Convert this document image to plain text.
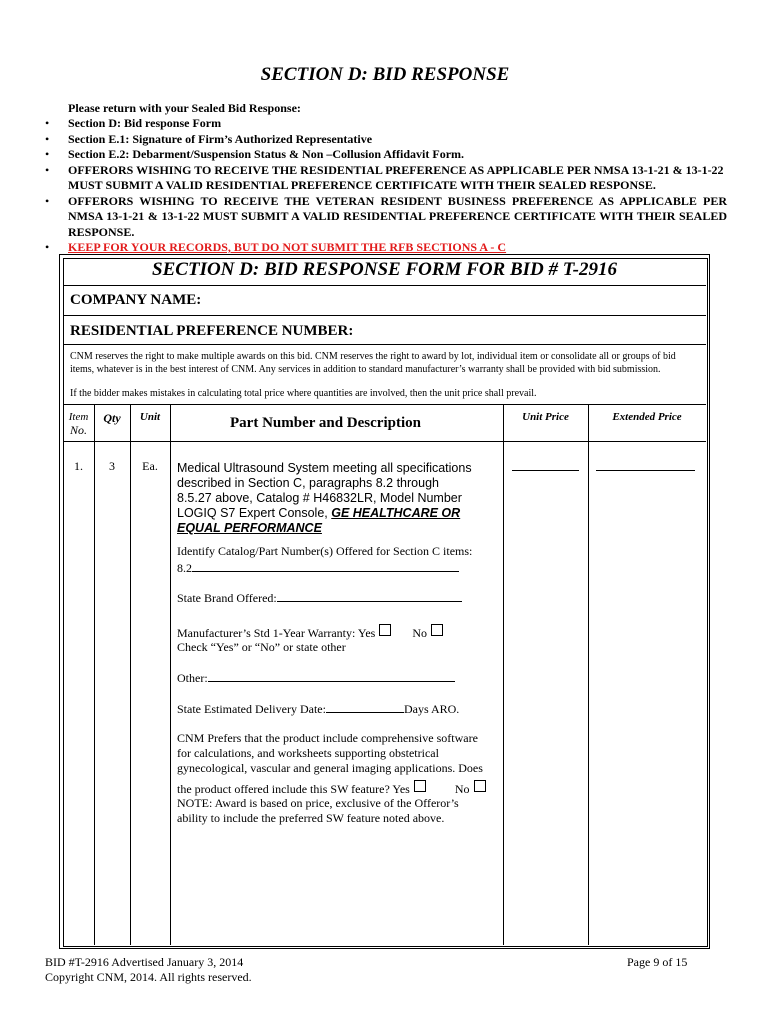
SECTION D: BID RESPONSE
Please return with your Sealed Bid Response:
• Section D: Bid response Form
• Section E.1: Signature of Firm’s Authorized Representative
• Section E.2: Debarment/Suspension Status & Non –Collusion Affidavit Form.
• OFFERORS WISHING TO RECEIVE THE RESIDENTIAL PREFERENCE AS APPLICABLE PER NMSA 13-1-21 & 13-1-22 MUST SUBMIT A VALID RESIDENTIAL PREFERENCE CERTIFICATE WITH THEIR SEALED RESPONSE.
• OFFERORS WISHING TO RECEIVE THE VETERAN RESIDENT BUSINESS PREFERENCE AS APPLICABLE PER NMSA 13-1-21 & 13-1-22 MUST SUBMIT A VALID RESIDENTIAL PREFERENCE CERTIFICATE WITH THEIR SEALED RESPONSE.
• KEEP FOR YOUR RECORDS, BUT DO NOT SUBMIT THE RFB SECTIONS A - C
SECTION D: BID RESPONSE FORM FOR BID # T-2916
COMPANY NAME:
RESIDENTIAL PREFERENCE NUMBER:
CNM reserves the right to make multiple awards on this bid. CNM reserves the right to award by lot, individual item or consolidate all or groups of bid items, whatever is in the best interest of CNM. Any services in addition to standard manufacturer’s warranty shall be provided with bid submission.
If the bidder makes mistakes in calculating total price where quantities are involved, then the unit price shall prevail.
Item
No.
Qty	Unit	Part Number and Description	Unit Price	Extended Price
1.	3	Ea.	Medical Ultrasound System meeting all specifications described in Section C, paragraphs 8.2 through 8.5.27 above, Catalog # H46832LR, Model Number LOGIQ S7 Expert Console, GE HEALTHCARE OR EQUAL PERFORMANCE
Identify Catalog/Part Number(s) Offered for Section C items:
8.2
State Brand Offered:
Manufacturer’s Std 1-Year Warranty: Yes	No
Check “Yes” or “No” or state other
Other:
State Estimated Delivery Date:	Days ARO.
CNM Prefers that the product include comprehensive software for calculations, and worksheets supporting obstetrical gynecological, vascular and general imaging applications. Does
the product offered include this SW feature? Yes	No
NOTE: Award is based on price, exclusive of the Offeror’s ability to include the preferred SW feature noted above.
BID #T-2916 Advertised January 3, 2014
Copyright CNM, 2014. All rights reserved.
Page 9 of 15
